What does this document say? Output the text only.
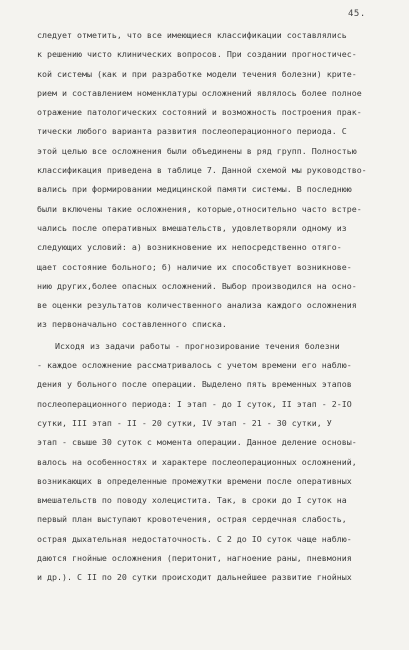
45.
следует отметить, что все имеющиеся классификации составлялись
к решению чисто клинических вопросов. При создании прогностичес-
кой системы (как и при разработке модели течения болезни) крите-
рием и составлением номенклатуры осложнений являлось более полное
отражение патологических состояний и возможность построения прак-
тически любого варианта развития послеоперационного периода. С
этой целью все осложнения были объединены в ряд групп. Полностью
классификация приведена в таблице 7. Данной схемой мы руководство-
вались при формировании медицинской памяти системы. В последнюю
были включены такие осложнения, которые,относительно часто встре-
чались после оперативных вмешательств, удовлетворяли одному из
следующих условий: а) возникновение их непосредственно отяго-
щает состояние больного; б) наличие их способствует возникнове-
нию других,более опасных осложнений. Выбор производился на осно-
ве оценки результатов количественного анализа каждого осложнения
из первоначально составленного списка.
Исходя из задачи работы - прогнозирование течения болезни
- каждое осложнение рассматривалось с учетом времени его наблю-
дения у больного после операции. Выделено пять временных этапов
послеоперационного периода: I этап - до I суток, II этап - 2-IO
сутки, III этап - II - 20 сутки, IV этап - 21 - 30 сутки, У
этап - свыше 30 суток с момента операции. Данное деление основы-
валось на особенностях и характере послеоперационных осложнений,
возникающих в определенные промежутки времени после оперативных
вмешательств по поводу холецистита. Так, в сроки до I суток на
первый план выступают кровотечения, острая сердечная слабость,
острая дыхательная недостаточность. С 2 до IO суток чаще наблю-
даются гнойные осложнения (перитонит, нагноение раны, пневмония
и др.). С II по 20 сутки происходит дальнейшее развитие гнойных
